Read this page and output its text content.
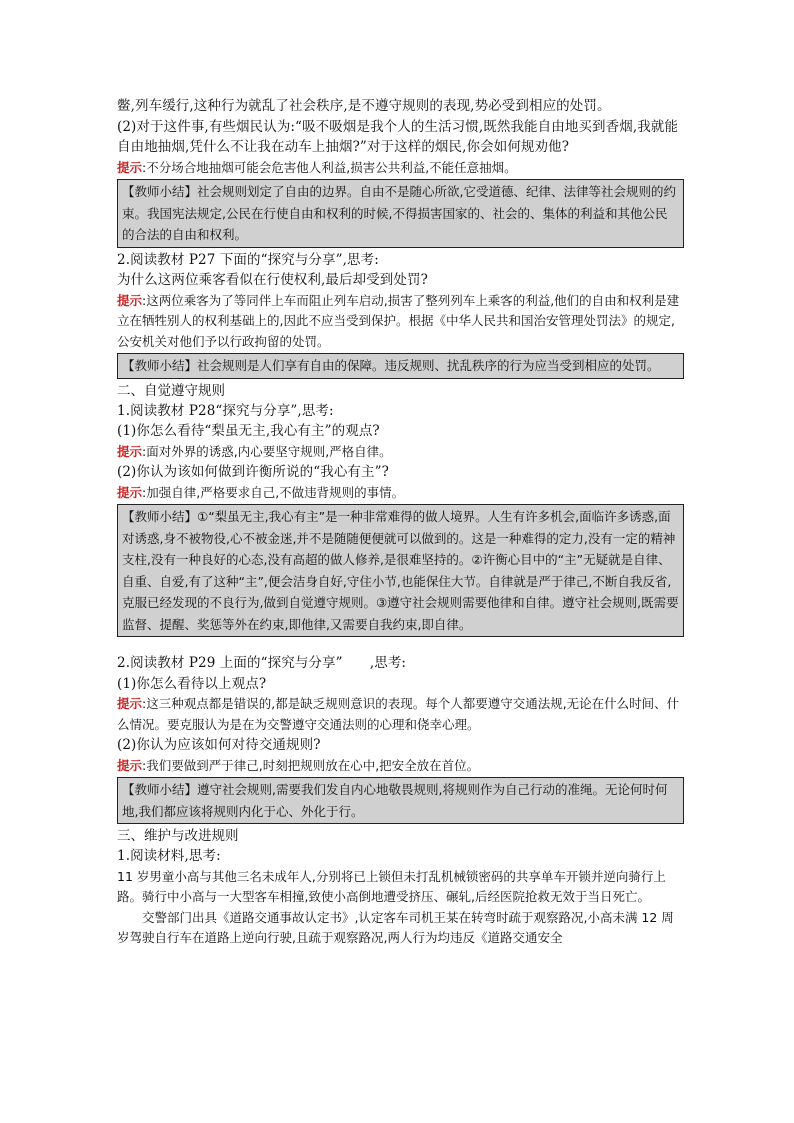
鳖,列车缓行,这种行为就乱了社会秩序,是不遵守规则的表现,势必受到相应的处罚。

(2)对于这件事,有些烟民认为:“吸不吸烟是我个人的生活习惯,既然我能自由地买到香烟,我就能自由地抽烟,凭什么不让我在动车上抽烟?”对于这样的烟民,你会如何规劝他?

提示:不分场合地抽烟可能会危害他人利益,损害公共利益,不能任意抽烟。

【教师小结】社会规则划定了自由的边界。自由不是随心所欲,它受道德、纪律、法律等社会规则的约束。我国宪法规定,公民在行使自由和权利的时候,不得损害国家的、社会的、集体的利益和其他公民的合法的自由和权利。

2.阅读教材 P27 下面的“探究与分享”,思考:

为什么这两位乘客看似在行使权利,最后却受到处罚?

提示:这两位乘客为了等同伴上车而阻止列车启动,损害了整列列车上乘客的利益,他们的自由和权利是建立在牺牲别人的权利基础上的,因此不应当受到保护。根据《中华人民共和国治安管理处罚法》的规定,公安机关对他们予以行政拘留的处罚。

【教师小结】社会规则是人们享有自由的保障。违反规则、扰乱秩序的行为应当受到相应的处罚。

二、自觉遵守规则

1.阅读教材 P28“探究与分享”,思考:

(1)你怎么看待“梨虽无主,我心有主”的观点?

提示:面对外界的诱惑,内心要坚守规则,严格自律。

(2)你认为该如何做到许衡所说的“我心有主”?

提示:加强自律,严格要求自己,不做违背规则的事情。

【教师小结】①“梨虽无主,我心有主”是一种非常难得的做人境界。人生有许多机会,面临许多诱惑,面对诱惑,身不被物役,心不被金迷,并不是随随便便就可以做到的。这是一种难得的定力,没有一定的精神支柱,没有一种良好的心态,没有高超的做人修养,是很难坚持的。②许衡心目中的“主”无疑就是自律、自重、自爱,有了这种“主”,便会洁身自好,守住小节,也能保住大节。自律就是严于律己,不断自我反省,克服已经发现的不良行为,做到自觉遵守规则。③遵守社会规则需要他律和自律。遵守社会规则,既需要监督、提醒、奖惩等外在约束,即他律,又需要自我约束,即自律。

2.阅读教材 P29 上面的“探究与分享”　　,思考:

(1)你怎么看待以上观点?

提示:这三种观点都是错误的,都是缺乏规则意识的表现。每个人都要遵守交通法规,无论在什么时间、什么情况。要克服认为是在为交警遵守交通法则的心理和侥幸心理。

(2)你认为应该如何对待交通规则?

提示:我们要做到严于律己,时刻把规则放在心中,把安全放在首位。

【教师小结】遵守社会规则,需要我们发自内心地敬畏规则,将规则作为自己行动的准绳。无论何时何地,我们都应该将规则内化于心、外化于行。

三、维护与改进规则

1.阅读材料,思考:

11 岁男童小高与其他三名未成年人,分别将已上锁但未打乱机械锁密码的共享单车开锁并逆向骑行上路。骑行中小高与一大型客车相撞,致使小高倒地遭受挤压、碾轧,后经医院抢救无效于当日死亡。

交警部门出具《道路交通事故认定书》,认定客车司机王某在转弯时疏于观察路况,小高未满 12 周岁驾驶自行车在道路上逆向行驶,且疏于观察路况,两人行为均违反《道路交通安全
